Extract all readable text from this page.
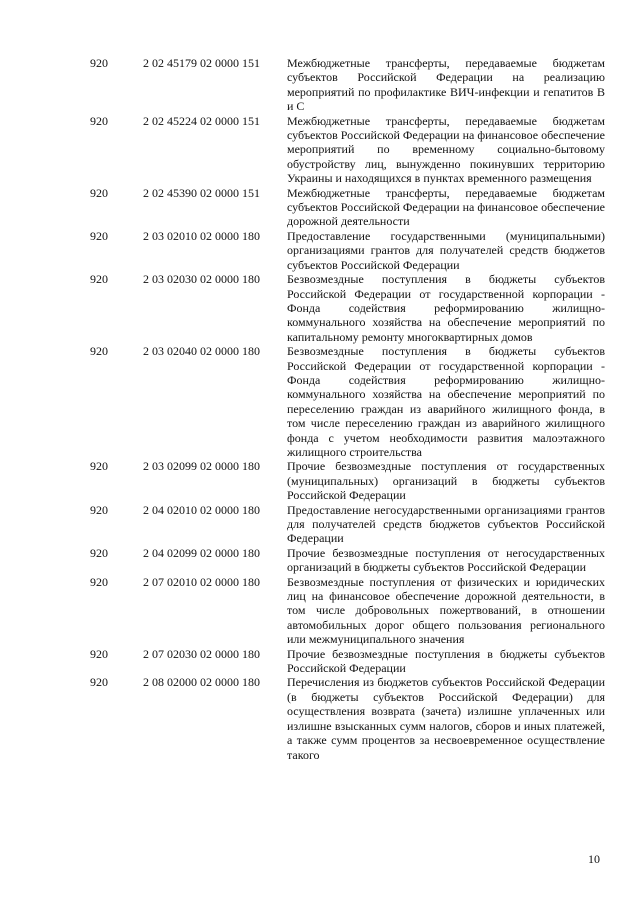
920	2 02 45179 02 0000 151	Межбюджетные трансферты, передаваемые бюджетам субъектов Российской Федерации на реализацию мероприятий по профилактике ВИЧ-инфекции и гепатитов В и С
920	2 02 45224 02 0000 151	Межбюджетные трансферты, передаваемые бюджетам субъектов Российской Федерации на финансовое обеспечение мероприятий по временному социально-бытовому обустройству лиц, вынужденно покинувших территорию Украины и находящихся в пунктах временного размещения
920	2 02 45390 02 0000 151	Межбюджетные трансферты, передаваемые бюджетам субъектов Российской Федерации на финансовое обеспечение дорожной деятельности
920	2 03 02010 02 0000 180	Предоставление государственными (муниципальными) организациями грантов для получателей средств бюджетов субъектов Российской Федерации
920	2 03 02030 02 0000 180	Безвозмездные поступления в бюджеты субъектов Российской Федерации от государственной корпорации - Фонда содействия реформированию жилищно-коммунального хозяйства на обеспечение мероприятий по капитальному ремонту многоквартирных домов
920	2 03 02040 02 0000 180	Безвозмездные поступления в бюджеты субъектов Российской Федерации от государственной корпорации - Фонда содействия реформированию жилищно-коммунального хозяйства на обеспечение мероприятий по переселению граждан из аварийного жилищного фонда, в том числе переселению граждан из аварийного жилищного фонда с учетом необходимости развития малоэтажного жилищного строительства
920	2 03 02099 02 0000 180	Прочие безвозмездные поступления от государственных (муниципальных) организаций в бюджеты субъектов Российской Федерации
920	2 04 02010 02 0000 180	Предоставление негосударственными организациями грантов для получателей средств бюджетов субъектов Российской Федерации
920	2 04 02099 02 0000 180	Прочие безвозмездные поступления от негосударственных организаций в бюджеты субъектов Российской Федерации
920	2 07 02010 02 0000 180	Безвозмездные поступления от физических и юридических лиц на финансовое обеспечение дорожной деятельности, в том числе добровольных пожертвований, в отношении автомобильных дорог общего пользования регионального или межмуниципального значения
920	2 07 02030 02 0000 180	Прочие безвозмездные поступления в бюджеты субъектов Российской Федерации
920	2 08 02000 02 0000 180	Перечисления из бюджетов субъектов Российской Федерации (в бюджеты субъектов Российской Федерации) для осуществления возврата (зачета) излишне уплаченных или излишне взысканных сумм налогов, сборов и иных платежей, а также сумм процентов за несвоевременное осуществление такого
10
